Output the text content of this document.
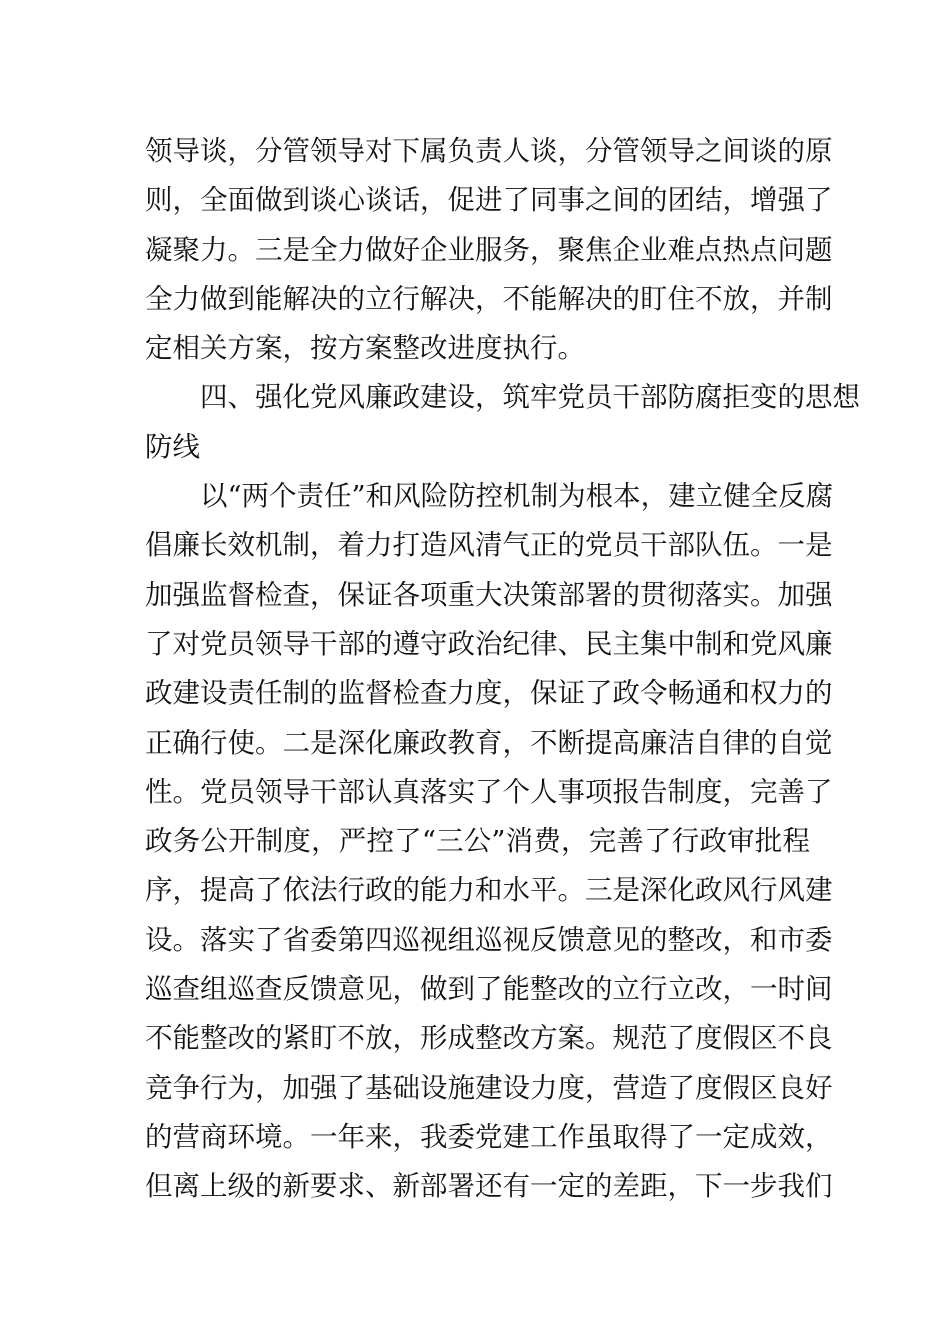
领导谈，分管领导对下属负责人谈，分管领导之间谈的原
则，全面做到谈心谈话，促进了同事之间的团结，增强了
凝聚力。三是全力做好企业服务，聚焦企业难点热点问题
全力做到能解决的立行解决，不能解决的盯住不放，并制
定相关方案，按方案整改进度执行。
　　四、强化党风廉政建设，筑牢党员干部防腐拒变的思想
防线
　　以“两个责任”和风险防控机制为根本，建立健全反腐
倡廉长效机制，着力打造风清气正的党员干部队伍。一是
加强监督检查，保证各项重大决策部署的贯彻落实。加强
了对党员领导干部的遵守政治纪律、民主集中制和党风廉
政建设责任制的监督检查力度，保证了政令畅通和权力的
正确行使。二是深化廉政教育，不断提高廉洁自律的自觉
性。党员领导干部认真落实了个人事项报告制度，完善了
政务公开制度，严控了“三公”消费，完善了行政审批程
序，提高了依法行政的能力和水平。三是深化政风行风建
设。落实了省委第四巡视组巡视反馈意见的整改，和市委
巡查组巡查反馈意见，做到了能整改的立行立改，一时间
不能整改的紧盯不放，形成整改方案。规范了度假区不良
竞争行为，加强了基础设施建设力度，营造了度假区良好
的营商环境。一年来，我委党建工作虽取得了一定成效，
但离上级的新要求、新部署还有一定的差距，下一步我们
